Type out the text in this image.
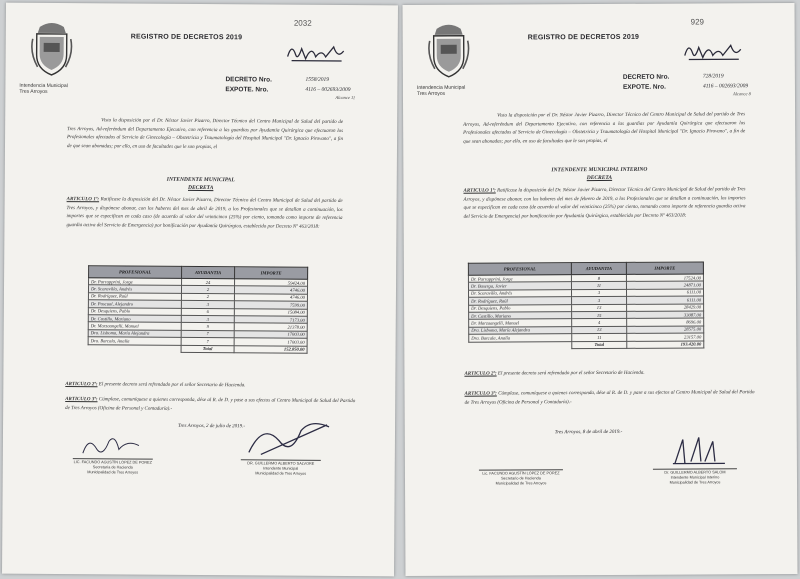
Intendencia Municipal
Tres Arroyos
REGISTRO DE DECRETOS 2019
2032
DECRETO Nro.	1558/2019
EXPOTE. Nro.	4116 – 002693/2009
Alcance 11
Visto la disposición por el Dr. Néstor Javier Pizarro, Director Técnico del Centro Municipal de Salud del partido de Tres Arroyos, Ad-referéndum del Departamento Ejecutivo, con referencia a las guardias por Ayudantía Quirúrgica que efectuaron los Profesionales afectados al Servicio de Ginecología – Obstetricia y Traumatología del Hospital Municipal "Dr. Ignacio Pirovano", a fin de que sean abonadas; por ello, en uso de facultades que le son propias, el
INTENDENTE MUNICIPAL
DECRETA
ARTICULO 1º: Ratifícase la disposición del Dr. Néstor Javier Pizarro, Director Técnico del Centro Municipal de Salud del partido de Tres Arroyos, y dispónese abonar, con los haberes del mes de abril de 2019, a los Profesionales que se detallan a continuación, los importes que se especifican en cada caso (de acuerdo al valor del veinticinco (25%) por ciento, tomando como importe de referencia guardia activa del Servicio de Emergencia) por bonificación por Ayudantía Quirúrgica, establecido por Decreto Nº 463/2018:
PROFESIONAL	AYUDANTIA	IMPORTE
Dr. Parrapprini, Jorge	24	59424.00
Dr. Scaravilla, Andrés	2	4746.00
Dr. Rodríguez, Raúl	2	4746.00
Dr. Pascual, Alejandro	3	7599.00
Dr. Desquiens, Pablo	6	15084.00
Dr. Castillo, Mariano	3	7173.00
Dr. Marzaangelli, Manuel	9	21378.00
Dra. Lisboma, María Alejandra	7	17003.00
Dra. Barcala, Analía	7	17003.00
	Total	152.850.00
ARTICULO 2º: El presente decreto será refrendado por el señor Secretario de Hacienda.
ARTICULO 3º: Cúmplase, comuníquese a quienes corresponda, dése al R. de D. y pase a sus efectos al Centro Municipal de Salud del Partido de Tres Arroyos (Oficina de Personal y Contaduría).-
Tres Arroyos, 2 de julio de 2019.-
LIC. FACUNDO AGUSTÍN LÓPEZ DE POREZ
Secretaría de Hacienda
Municipalidad de Tres Arroyos
DR. GUILLERMO ALBERTO SALVORE
Intendente Municipal
Municipalidad de Tres Arroyos
Intendencia Municipal
Tres Arroyos
REGISTRO DE DECRETOS 2019
929
DECRETO Nro.	728/2019
EXPOTE. Nro.	4116 – 002693/2009
Alcance 8
Visto la disposición por el Dr. Néstor Javier Pizarro, Director Técnico del Centro Municipal de Salud del partido de Tres Arroyos, Ad-referéndum del Departamento Ejecutivo, con referencia a las guardias por Ayudantía Quirúrgica que efectuaron los Profesionales afectados al Servicio de Ginecología – Obstetricia y Traumatología del Hospital Municipal "Dr. Ignacio Pirovano", a fin de que sean abonadas; por ello, en uso de facultades que le son propias, el
INTENDENTE MUNICIPAL INTERINO
DECRETA
ARTICULO 1º: Ratifícase la disposición del Dr. Néstor Javier Pizarro, Director Técnico del Centro Municipal de Salud del partido de Tres Arroyos, y dispónese abonar, con los haberes del mes de febrero de 2019, a los Profesionales que se detallan a continuación, los importes que se especifican en cada caso (de acuerdo al valor del veinticinco (25%) por ciento, tomando como importe de referencia guardia activa del Servicio de Emergencia) por bonificación por Ayudantía Quirúrgica, establecido por Decreto Nº 463/2018:
PROFESIONAL	AYUDANTIA	IMPORTE
Dr. Parrapprini, Jorge	8	17524.00
Dr. Baserga, Javier	11	24871.00
Dr. Scaravilla, Andrés	3	6111.00
Dr. Rodríguez, Raúl	3	6111.00
Dr. Desquiens, Pablo	13	28429.00
Dr. Castillo, Mariano	15	33087.00
Dr. Marzaangelli, Manuel	4	8696.00
Dra. Lisboma, María Alejandra	13	28575.00
Dra. Barcala, Analía	11	23157.00
	Total	193.420.00
ARTICULO 2º: El presente decreto será refrendado por el señor Secretario de Hacienda.
ARTICULO 3º: Cúmplase, comuníquese a quienes corresponda, dése al R. de D. y pase a sus efectos al Centro Municipal de Salud del Partido de Tres Arroyos (Oficina de Personal y Contaduría).-
Tres Arroyos, 8 de abril de 2019.-
Lic. FACUNDO AGUSTÍN LÓPEZ DE POREZ
Secretario de Hacienda
Municipalidad de Tres Arroyos
Dr. GUILLERMO ALBERTO SALOM
Intendente Municipal Interino
Municipalidad de Tres Arroyos
